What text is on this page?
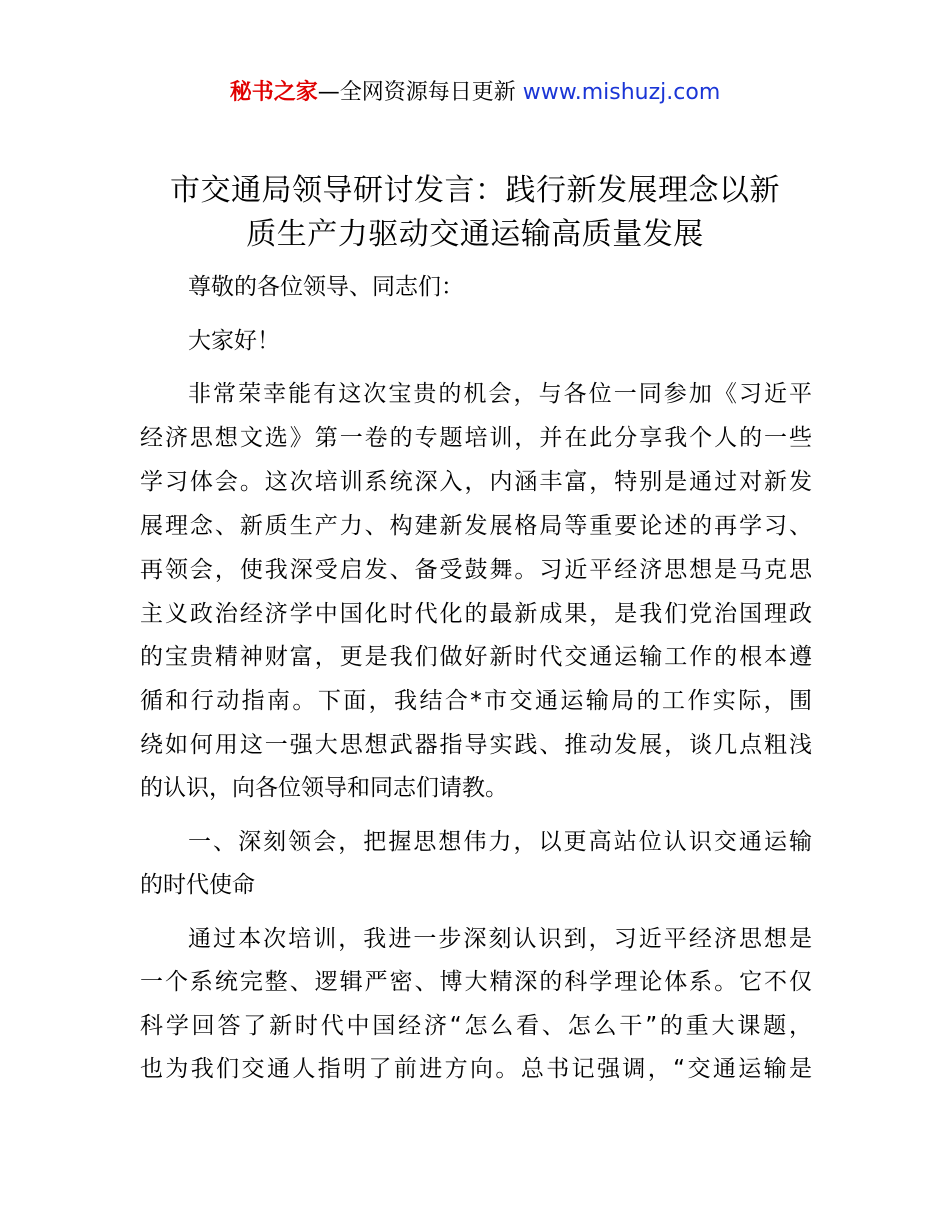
秘书之家—全网资源每日更新 www.mishuzj.com
市交通局领导研讨发言：践行新发展理念以新
质生产力驱动交通运输高质量发展
尊敬的各位领导、同志们：
大家好！
非常荣幸能有这次宝贵的机会，与各位一同参加《习近平
经济思想文选》第一卷的专题培训，并在此分享我个人的一些
学习体会。这次培训系统深入，内涵丰富，特别是通过对新发
展理念、新质生产力、构建新发展格局等重要论述的再学习、
再领会，使我深受启发、备受鼓舞。习近平经济思想是马克思
主义政治经济学中国化时代化的最新成果，是我们党治国理政
的宝贵精神财富，更是我们做好新时代交通运输工作的根本遵
循和行动指南。下面，我结合*市交通运输局的工作实际，围
绕如何用这一强大思想武器指导实践、推动发展，谈几点粗浅
的认识，向各位领导和同志们请教。
一、深刻领会，把握思想伟力，以更高站位认识交通运输
的时代使命
通过本次培训，我进一步深刻认识到，习近平经济思想是
一个系统完整、逻辑严密、博大精深的科学理论体系。它不仅
科学回答了新时代中国经济“怎么看、怎么干”的重大课题，
也为我们交通人指明了前进方向。总书记强调，“交通运输是
